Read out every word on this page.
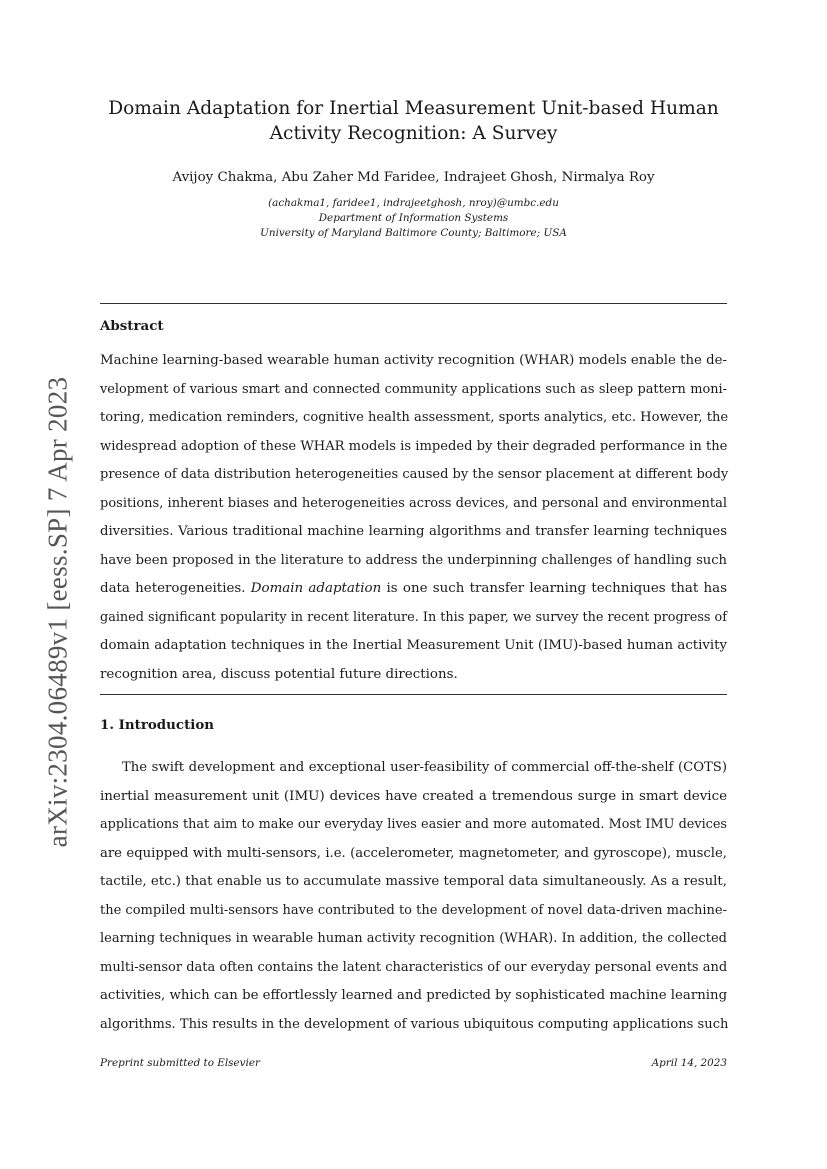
arXiv:2304.06489v1 [eess.SP] 7 Apr 2023
Domain Adaptation for Inertial Measurement Unit-based Human
Activity Recognition: A Survey
Avijoy Chakma, Abu Zaher Md Faridee, Indrajeet Ghosh, Nirmalya Roy
(achakma1, faridee1, indrajeetghosh, nroy)@umbc.edu
Department of Information Systems
University of Maryland Baltimore County; Baltimore; USA
Abstract
Machine learning-based wearable human activity recognition (WHAR) models enable the de-
velopment of various smart and connected community applications such as sleep pattern moni-
toring, medication reminders, cognitive health assessment, sports analytics, etc. However, the
widespread adoption of these WHAR models is impeded by their degraded performance in the
presence of data distribution heterogeneities caused by the sensor placement at different body
positions, inherent biases and heterogeneities across devices, and personal and environmental
diversities. Various traditional machine learning algorithms and transfer learning techniques
have been proposed in the literature to address the underpinning challenges of handling such
data heterogeneities. Domain adaptation is one such transfer learning techniques that has
gained significant popularity in recent literature. In this paper, we survey the recent progress of
domain adaptation techniques in the Inertial Measurement Unit (IMU)-based human activity
recognition area, discuss potential future directions.
1. Introduction
The swift development and exceptional user-feasibility of commercial off-the-shelf (COTS)
inertial measurement unit (IMU) devices have created a tremendous surge in smart device
applications that aim to make our everyday lives easier and more automated. Most IMU devices
are equipped with multi-sensors, i.e. (accelerometer, magnetometer, and gyroscope), muscle,
tactile, etc.) that enable us to accumulate massive temporal data simultaneously. As a result,
the compiled multi-sensors have contributed to the development of novel data-driven machine-
learning techniques in wearable human activity recognition (WHAR). In addition, the collected
multi-sensor data often contains the latent characteristics of our everyday personal events and
activities, which can be effortlessly learned and predicted by sophisticated machine learning
algorithms. This results in the development of various ubiquitous computing applications such
Preprint submitted to Elsevier	April 14, 2023
